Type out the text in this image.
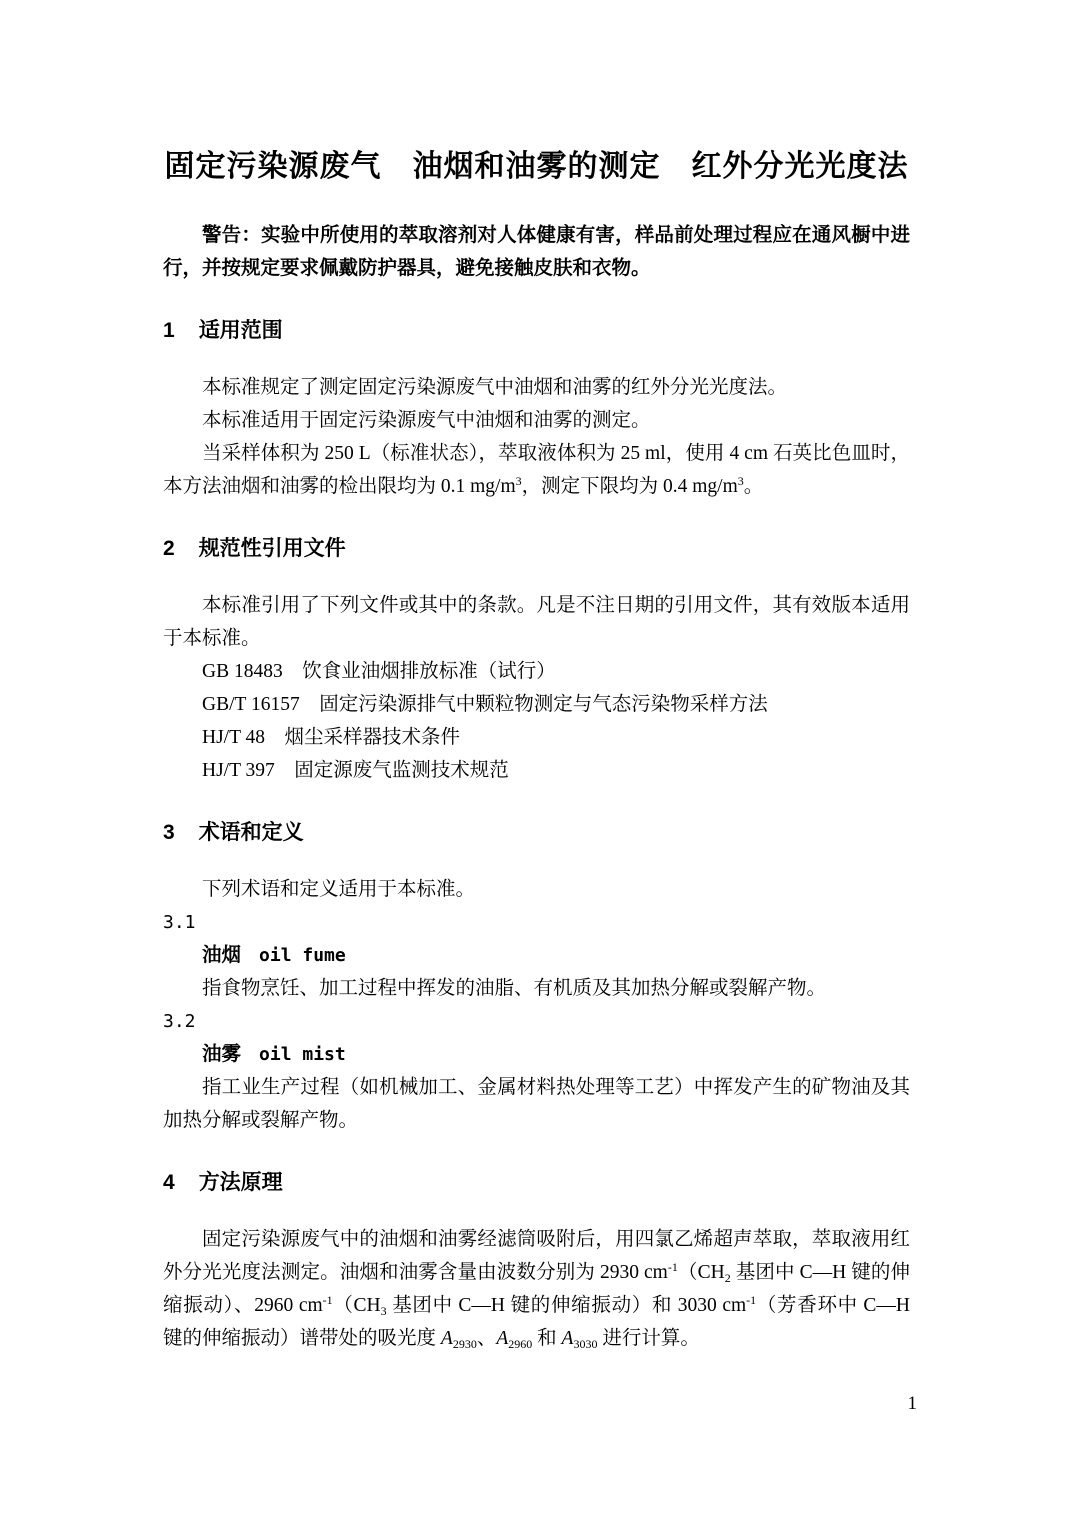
固定污染源废气　油烟和油雾的测定　红外分光光度法

警告：实验中所使用的萃取溶剂对人体健康有害，样品前处理过程应在通风橱中进行，并按规定要求佩戴防护器具，避免接触皮肤和衣物。

1 适用范围

本标准规定了测定固定污染源废气中油烟和油雾的红外分光光度法。

本标准适用于固定污染源废气中油烟和油雾的测定。

当采样体积为 250 L（标准状态），萃取液体积为 25 ml，使用 4 cm 石英比色皿时，本方法油烟和油雾的检出限均为 0.1 $mg/m^3$，测定下限均为 0.4 $mg/m^3$。

2 规范性引用文件

本标准引用了下列文件或其中的条款。凡是不注日期的引用文件，其有效版本适用于本标准。

GB 18483　饮食业油烟排放标准（试行）

GB/T 16157　固定污染源排气中颗粒物测定与气态污染物采样方法

HJ/T 48　烟尘采样器技术条件

HJ/T 397　固定源废气监测技术规范

3 术语和定义

下列术语和定义适用于本标准。

3.1

油烟 oil fume

指食物烹饪、加工过程中挥发的油脂、有机质及其加热分解或裂解产物。

3.2

油雾 oil mist

指工业生产过程（如机械加工、金属材料热处理等工艺）中挥发产生的矿物油及其加热分解或裂解产物。

4 方法原理

固定污染源废气中的油烟和油雾经滤筒吸附后，用四氯乙烯超声萃取，萃取液用红外分光光度法测定。油烟和油雾含量由波数分别为 2930 $cm^{-1}(CH2$ 基团中 C—H 键的伸缩振动）、2960 $cm^{-1}(CH3$ 基团中 C—H 键的伸缩振动）和 3030 $cm^{-1}$（芳香环中 C—H 键的伸缩振动）谱带处的吸光度 A2930、A2960 和 A3030 进行计算。

1
